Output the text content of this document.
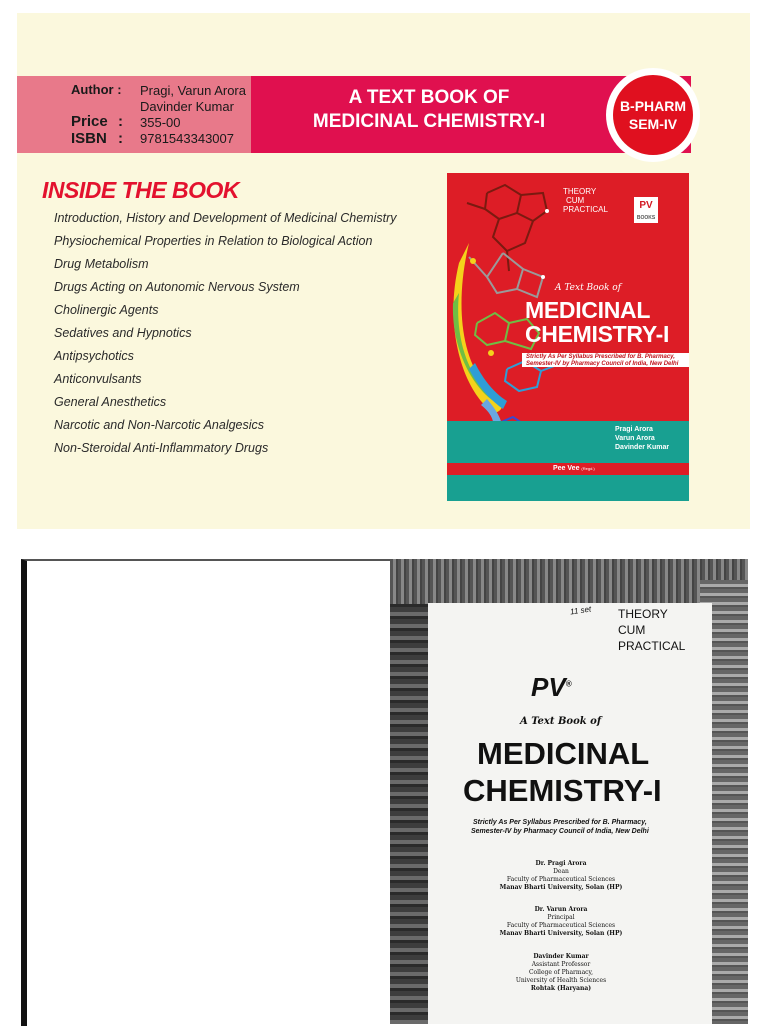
Author : Pragi, Varun Arora
Davinder Kumar
Price : 355-00
ISBN : 9781543343007
A TEXT BOOK OF
MEDICINAL CHEMISTRY-I
B-PHARM
SEM-IV
INSIDE THE BOOK
Introduction, History and Development of Medicinal Chemistry
Physiochemical Properties in Relation to Biological Action
Drug Metabolism
Drugs Acting on Autonomic Nervous System
Cholinergic Agents
Sedatives and Hypnotics
Antipsychotics
Anticonvulsants
General Anesthetics
Narcotic and Non-Narcotic Analgesics
Non-Steroidal Anti-Inflammatory Drugs
THEORY
CUM
PRACTICAL	PV
BOOKS
A Text Book of
MEDICINAL
CHEMISTRY-I
Strictly As Per Syllabus Prescribed for B. Pharmacy,
Semester-IV by Pharmacy Council of India, New Delhi
Pragi Arora
Varun Arora
Davinder Kumar
Pee Vee (Regd.)
11 set THEORY
CUM
PRACTICAL
PV®
A Text Book of
MEDICINAL
CHEMISTRY-I
Strictly As Per Syllabus Prescribed for B. Pharmacy,
Semester-IV by Pharmacy Council of India, New Delhi
Dr. Pragi Arora
Dean
Faculty of Pharmaceutical Sciences
Manav Bharti University, Solan (HP)
Dr. Varun Arora
Principal
Faculty of Pharmaceutical Sciences
Manav Bharti University, Solan (HP)
Davinder Kumar
Assistant Professor
College of Pharmacy,
University of Health Sciences
Rohtak (Haryana)
